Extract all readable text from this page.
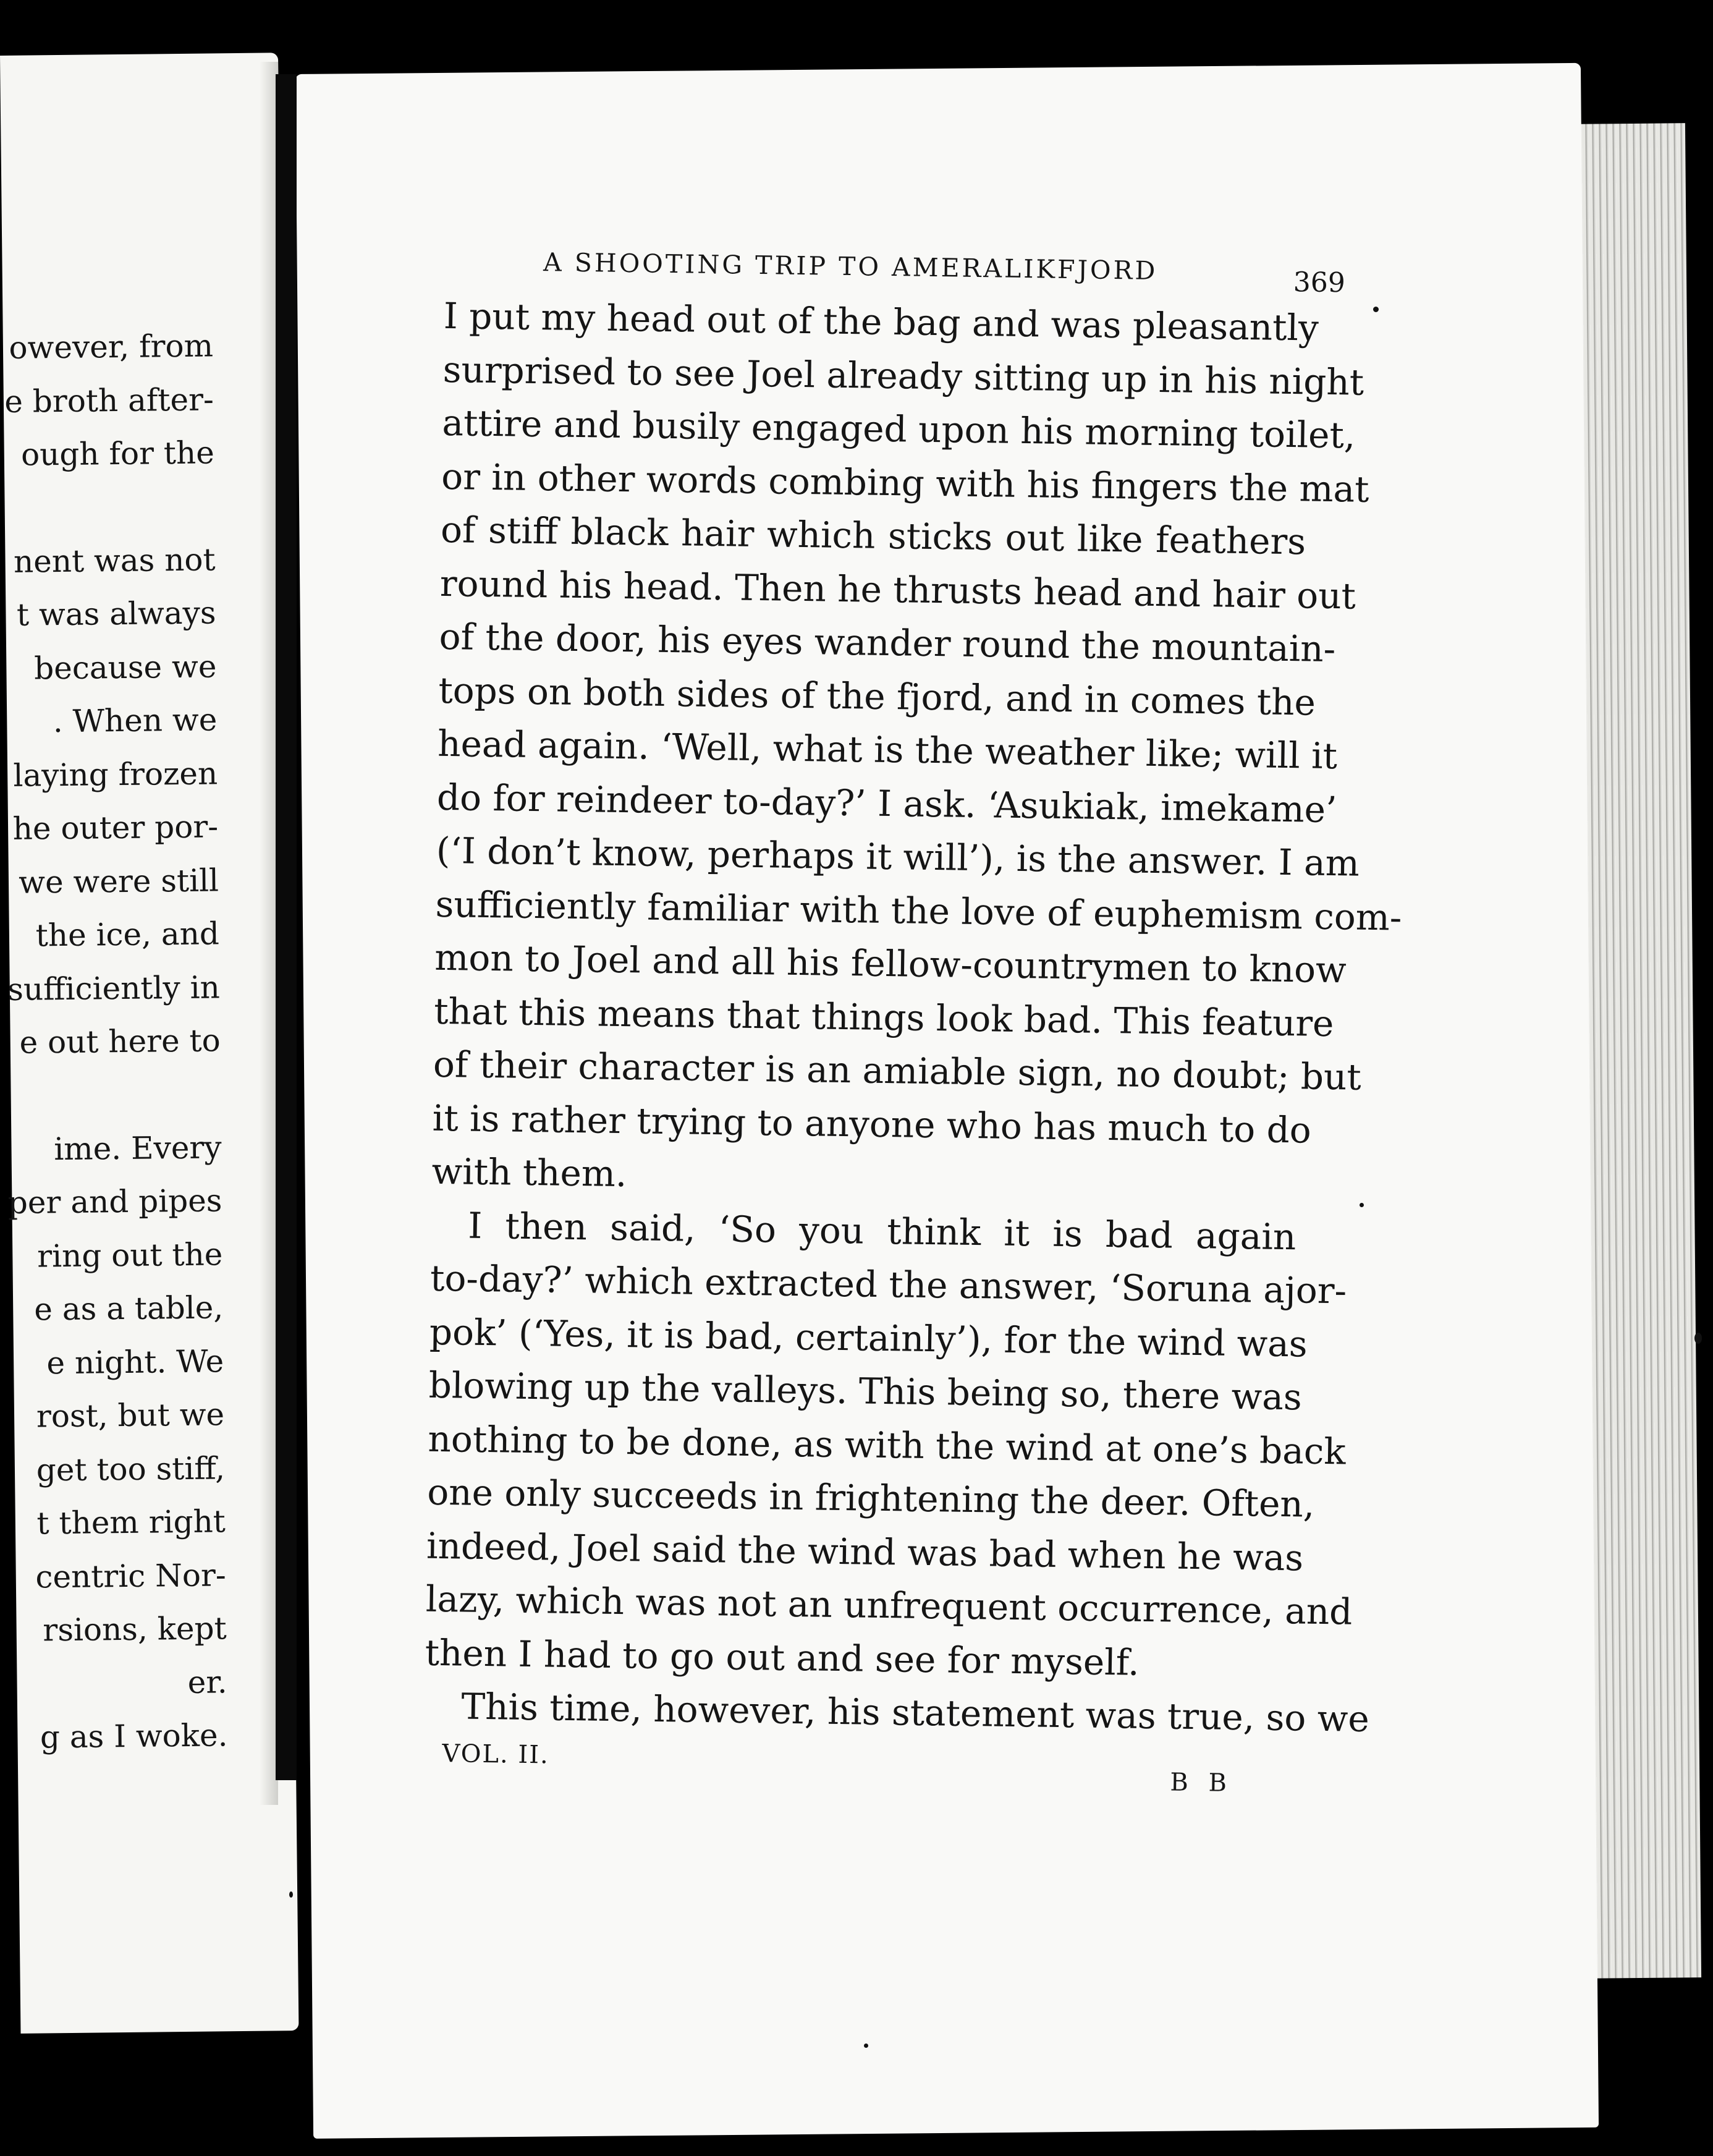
owever, from
e broth after-
ough for the
nent was not
t was always
because we
. When we
laying frozen
he outer por-
we were still
the ice, and
sufficiently in
e out here to
ime. Every
per and pipes
ring out the
e as a table,
e night. We
rost, but we
get too stiff,
t them right
centric Nor-
rsions, kept
er.
g as I woke.
A SHOOTING TRIP TO AMERALIKFJORD	369
I put my head out of the bag and was pleasantly
surprised to see Joel already sitting up in his night
attire and busily engaged upon his morning toilet,
or in other words combing with his fingers the mat
of stiff black hair which sticks out like feathers
round his head. Then he thrusts head and hair out
of the door, his eyes wander round the mountain-
tops on both sides of the fjord, and in comes the
head again. ‘Well, what is the weather like; will it
do for reindeer to-day?’ I ask. ‘Asukiak, imekame’
(‘I don’t know, perhaps it will’), is the answer. I am
sufficiently familiar with the love of euphemism com-
mon to Joel and all his fellow-countrymen to know
that this means that things look bad. This feature
of their character is an amiable sign, no doubt; but
it is rather trying to anyone who has much to do
with them.
I then said, ‘So you think it is bad again
to-day?’ which extracted the answer, ‘Soruna ajor-
pok’ (‘Yes, it is bad, certainly’), for the wind was
blowing up the valleys. This being so, there was
nothing to be done, as with the wind at one’s back
one only succeeds in frightening the deer. Often,
indeed, Joel said the wind was bad when he was
lazy, which was not an unfrequent occurrence, and
then I had to go out and see for myself.
This time, however, his statement was true, so we
VOL. II.
B B
